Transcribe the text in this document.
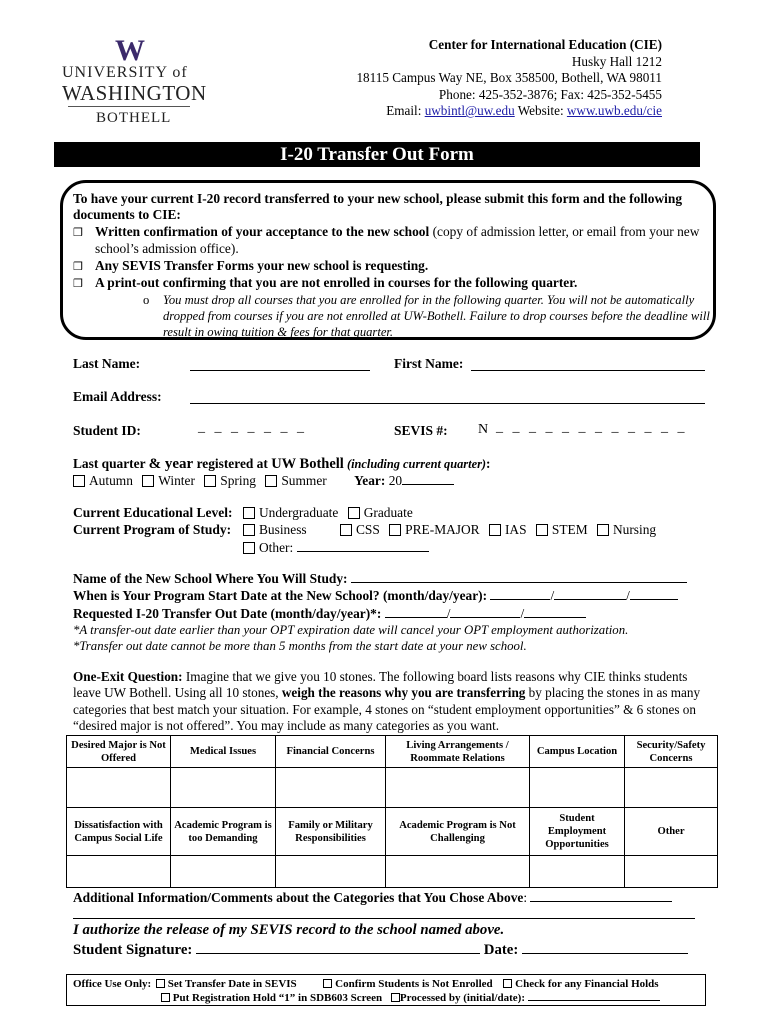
W
UNIVERSITY of
WASHINGTON
BOTHELL
Center for International Education (CIE)
Husky Hall 1212
18115 Campus Way NE, Box 358500, Bothell, WA 98011
Phone: 425-352-3876; Fax: 425-352-5455
Email: uwbintl@uw.edu Website: www.uwb.edu/cie
I-20 Transfer Out Form
To have your current I-20 record transferred to your new school, please submit this form and the following documents to CIE:
❒ Written confirmation of your acceptance to the new school (copy of admission letter, or email from your new school’s admission office).
❒ Any SEVIS Transfer Forms your new school is requesting.
❒ A print-out confirming that you are not enrolled in courses for the following quarter.
o You must drop all courses that you are enrolled for in the following quarter. You will not be automatically dropped from courses if you are not enrolled at UW-Bothell. Failure to drop courses before the deadline will result in owing tuition & fees for that quarter.
Last Name:	First Name:
Email Address:
Student ID:	_ _ _ _ _ _ _	SEVIS #: N _ _ _ _ _ _ _ _ _ _ _ _
Last quarter & year registered at UW Bothell (including current quarter):
Autumn Winter Spring Summer Year: 20
Current Educational Level:	Undergraduate Graduate
Current Program of Study:	Business	CSS PRE-MAJOR IAS STEM Nursing
Other:
Name of the New School Where You Will Study:
When is Your Program Start Date at the New School? (month/day/year):	/	/
Requested I-20 Transfer Out Date (month/day/year)*:	/	/
*A transfer-out date earlier than your OPT expiration date will cancel your OPT employment authorization.
*Transfer out date cannot be more than 5 months from the start date at your new school.
One-Exit Question: Imagine that we give you 10 stones. The following board lists reasons why CIE thinks students leave UW Bothell. Using all 10 stones, weigh the reasons why you are transferring by placing the stones in as many categories that best match your situation. For example, 4 stones on “student employment opportunities” & 6 stones on “desired major is not offered”. You may include as many categories as you want.
Desired Major is Not Offered	Medical Issues	Financial Concerns	Living Arrangements / Roommate Relations	Campus Location	Security/Safety Concerns

Dissatisfaction with Campus Social Life	Academic Program is too Demanding	Family or Military Responsibilities	Academic Program is Not Challenging	Student Employment Opportunities	Other

Additional Information/Comments about the Categories that You Chose Above:
I authorize the release of my SEVIS record to the school named above.
Student Signature:	Date:
Office Use Only: Set Transfer Date in SEVIS	Confirm Students is Not Enrolled Check for any Financial Holds
Put Registration Hold “1” in SDB603 Screen Processed by (initial/date):
